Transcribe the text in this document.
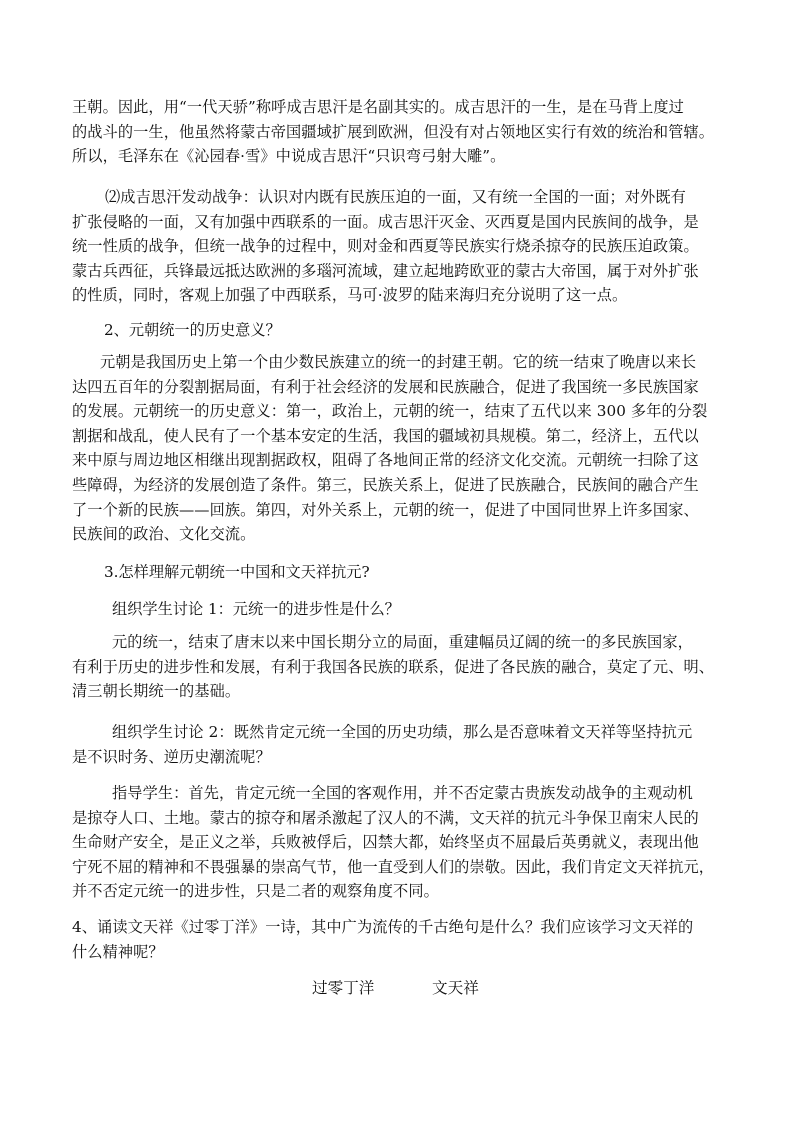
王朝。因此，用“一代天骄”称呼成吉思汗是名副其实的。成吉思汗的一生，是在马背上度过
的战斗的一生，他虽然将蒙古帝国疆域扩展到欧洲，但没有对占领地区实行有效的统治和管辖。
所以，毛泽东在《沁园春·雪》中说成吉思汗“只识弯弓射大雕”。
⑵成吉思汗发动战争：认识对内既有民族压迫的一面，又有统一全国的一面；对外既有
扩张侵略的一面，又有加强中西联系的一面。成吉思汗灭金、灭西夏是国内民族间的战争，是
统一性质的战争，但统一战争的过程中，则对金和西夏等民族实行烧杀掠夺的民族压迫政策。
蒙古兵西征，兵锋最远抵达欧洲的多瑙河流域，建立起地跨欧亚的蒙古大帝国，属于对外扩张
的性质，同时，客观上加强了中西联系，马可·波罗的陆来海归充分说明了这一点。
2、元朝统一的历史意义？
元朝是我国历史上第一个由少数民族建立的统一的封建王朝。它的统一结束了晚唐以来长
达四五百年的分裂割据局面，有利于社会经济的发展和民族融合，促进了我国统一多民族国家
的发展。元朝统一的历史意义：第一，政治上，元朝的统一，结束了五代以来 300 多年的分裂
割据和战乱，使人民有了一个基本安定的生活，我国的疆域初具规模。第二，经济上，五代以
来中原与周边地区相继出现割据政权，阻碍了各地间正常的经济文化交流。元朝统一扫除了这
些障碍，为经济的发展创造了条件。第三，民族关系上，促进了民族融合，民族间的融合产生
了一个新的民族——回族。第四，对外关系上，元朝的统一，促进了中国同世界上许多国家、
民族间的政治、文化交流。
3.怎样理解元朝统一中国和文天祥抗元?
组织学生讨论 1：元统一的进步性是什么？
元的统一，结束了唐末以来中国长期分立的局面，重建幅员辽阔的统一的多民族国家，
有利于历史的进步性和发展，有利于我国各民族的联系，促进了各民族的融合，莫定了元、明、
清三朝长期统一的基础。
组织学生讨论 2：既然肯定元统一全国的历史功绩，那么是否意味着文天祥等坚持抗元
是不识时务、逆历史潮流呢？
指导学生：首先，肯定元统一全国的客观作用，并不否定蒙古贵族发动战争的主观动机
是掠夺人口、土地。蒙古的掠夺和屠杀激起了汉人的不满，文天祥的抗元斗争保卫南宋人民的
生命财产安全，是正义之举，兵败被俘后，囚禁大都，始终坚贞不屈最后英勇就义，表现出他
宁死不屈的精神和不畏强暴的崇高气节，他一直受到人们的崇敬。因此，我们肯定文天祥抗元，
并不否定元统一的进步性，只是二者的观察角度不同。
4、诵读文天祥《过零丁洋》一诗，其中广为流传的千古绝句是什么？我们应该学习文天祥的
什么精神呢？
过零丁洋	文天祥
